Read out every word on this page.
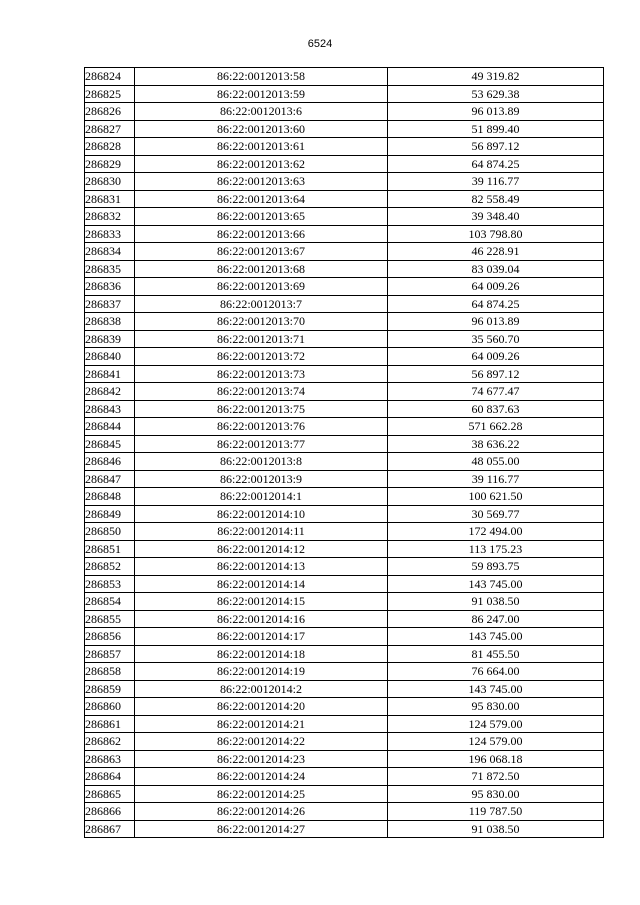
6524
286824	86:22:0012013:58	49 319.82
286825	86:22:0012013:59	53 629.38
286826	86:22:0012013:6	96 013.89
286827	86:22:0012013:60	51 899.40
286828	86:22:0012013:61	56 897.12
286829	86:22:0012013:62	64 874.25
286830	86:22:0012013:63	39 116.77
286831	86:22:0012013:64	82 558.49
286832	86:22:0012013:65	39 348.40
286833	86:22:0012013:66	103 798.80
286834	86:22:0012013:67	46 228.91
286835	86:22:0012013:68	83 039.04
286836	86:22:0012013:69	64 009.26
286837	86:22:0012013:7	64 874.25
286838	86:22:0012013:70	96 013.89
286839	86:22:0012013:71	35 560.70
286840	86:22:0012013:72	64 009.26
286841	86:22:0012013:73	56 897.12
286842	86:22:0012013:74	74 677.47
286843	86:22:0012013:75	60 837.63
286844	86:22:0012013:76	571 662.28
286845	86:22:0012013:77	38 636.22
286846	86:22:0012013:8	48 055.00
286847	86:22:0012013:9	39 116.77
286848	86:22:0012014:1	100 621.50
286849	86:22:0012014:10	30 569.77
286850	86:22:0012014:11	172 494.00
286851	86:22:0012014:12	113 175.23
286852	86:22:0012014:13	59 893.75
286853	86:22:0012014:14	143 745.00
286854	86:22:0012014:15	91 038.50
286855	86:22:0012014:16	86 247.00
286856	86:22:0012014:17	143 745.00
286857	86:22:0012014:18	81 455.50
286858	86:22:0012014:19	76 664.00
286859	86:22:0012014:2	143 745.00
286860	86:22:0012014:20	95 830.00
286861	86:22:0012014:21	124 579.00
286862	86:22:0012014:22	124 579.00
286863	86:22:0012014:23	196 068.18
286864	86:22:0012014:24	71 872.50
286865	86:22:0012014:25	95 830.00
286866	86:22:0012014:26	119 787.50
286867	86:22:0012014:27	91 038.50
